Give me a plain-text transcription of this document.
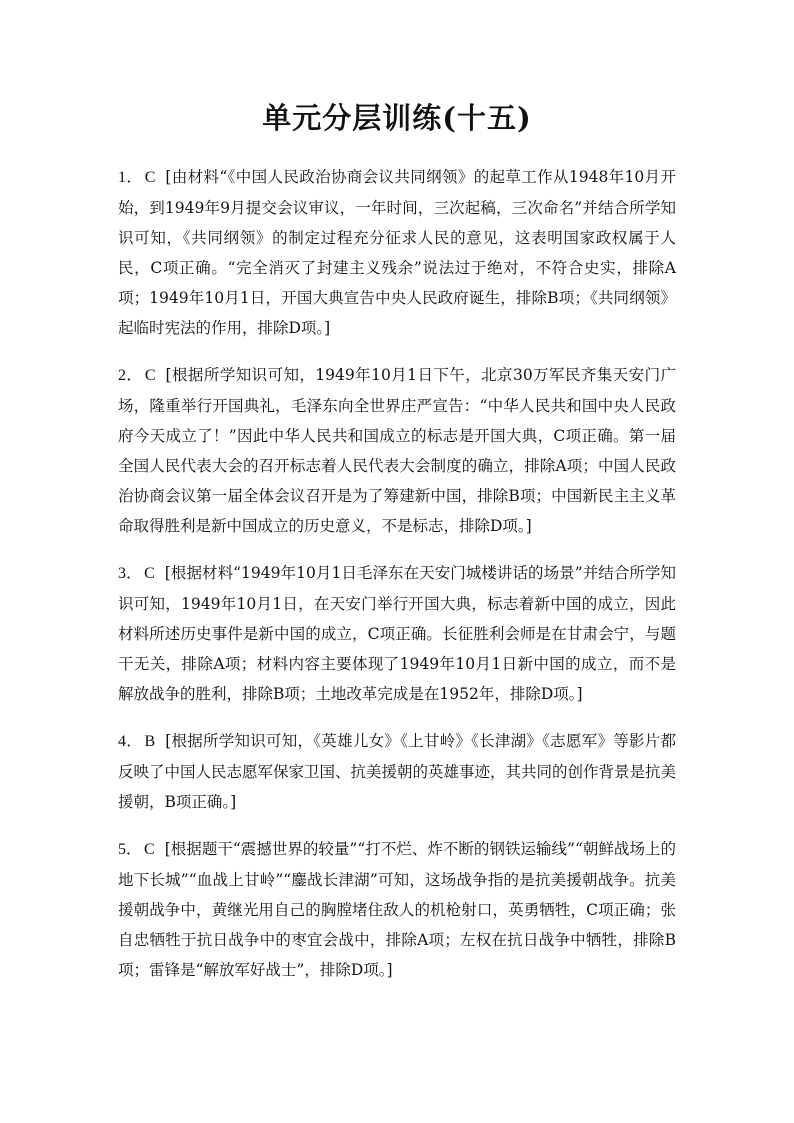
单元分层训练(十五)

1． C [由材料“《中国人民政治协商会议共同纲领》的起草工作从1948年10月开始，到1949年9月提交会议审议，一年时间，三次起稿，三次命名”并结合所学知识可知，《共同纲领》的制定过程充分征求人民的意见，这表明国家政权属于人民，C项正确。“完全消灭了封建主义残余”说法过于绝对，不符合史实，排除A项；1949年10月1日，开国大典宣告中央人民政府诞生，排除B项；《共同纲领》起临时宪法的作用，排除D项。]

2． C [根据所学知识可知，1949年10月1日下午，北京30万军民齐集天安门广场，隆重举行开国典礼，毛泽东向全世界庄严宣告：“中华人民共和国中央人民政府今天成立了！”因此中华人民共和国成立的标志是开国大典，C项正确。第一届全国人民代表大会的召开标志着人民代表大会制度的确立，排除A项；中国人民政治协商会议第一届全体会议召开是为了筹建新中国，排除B项；中国新民主主义革命取得胜利是新中国成立的历史意义，不是标志，排除D项。]

3． C [根据材料“1949年10月1日毛泽东在天安门城楼讲话的场景”并结合所学知识可知，1949年10月1日，在天安门举行开国大典，标志着新中国的成立，因此材料所述历史事件是新中国的成立，C项正确。长征胜利会师是在甘肃会宁，与题干无关，排除A项；材料内容主要体现了1949年10月1日新中国的成立，而不是解放战争的胜利，排除B项；土地改革完成是在1952年，排除D项。]

4． B [根据所学知识可知，《英雄儿女》《上甘岭》《长津湖》《志愿军》等影片都反映了中国人民志愿军保家卫国、抗美援朝的英雄事迹，其共同的创作背景是抗美援朝，B项正确。]

5． C [根据题干“震撼世界的较量”“打不烂、炸不断的钢铁运输线”“朝鲜战场上的地下长城”“血战上甘岭”“鏖战长津湖”可知，这场战争指的是抗美援朝战争。抗美援朝战争中，黄继光用自己的胸膛堵住敌人的机枪射口，英勇牺牲，C项正确；张自忠牺牲于抗日战争中的枣宜会战中，排除A项；左权在抗日战争中牺牲，排除B项；雷锋是“解放军好战士”，排除D项。]
